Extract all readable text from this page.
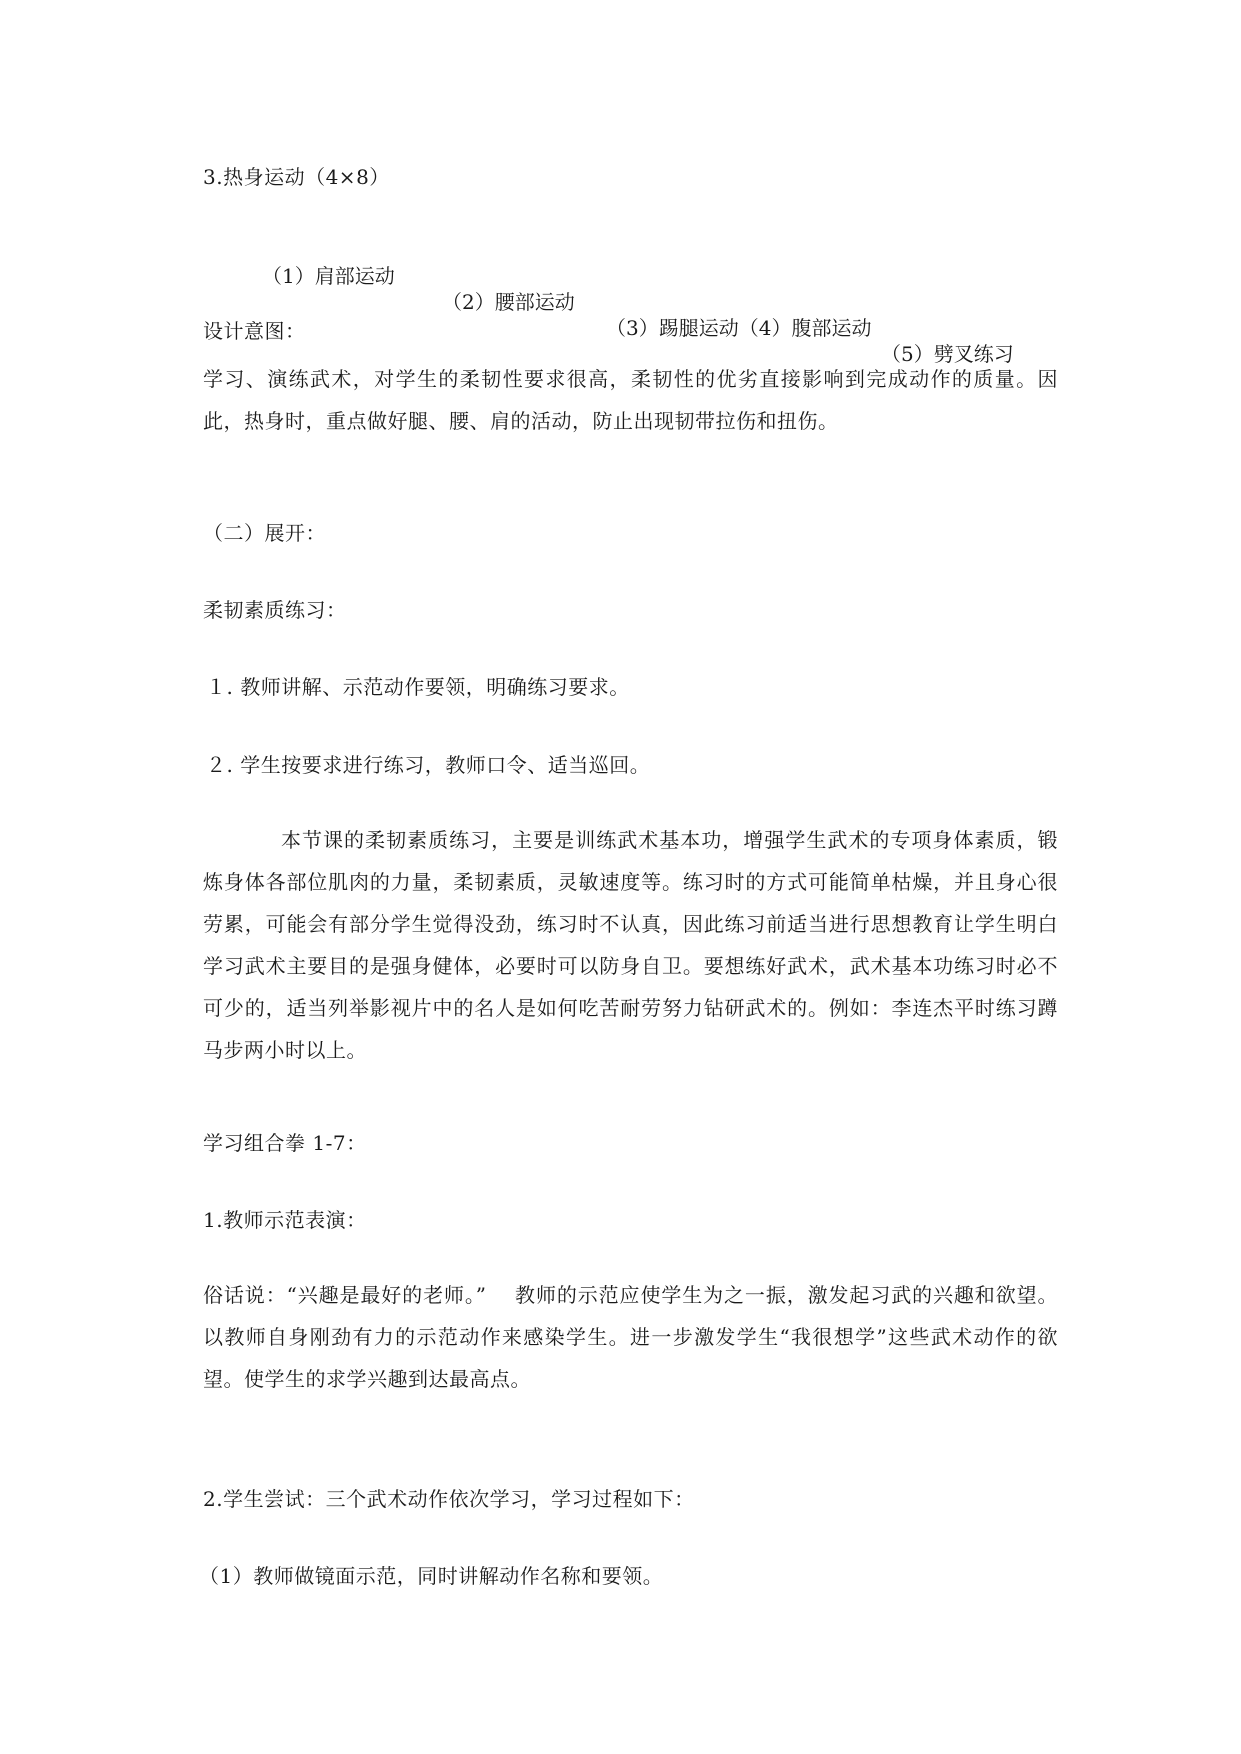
3.热身运动（4×8）

（1）肩部运动

（2）腰部运动

（3）踢腿运动（4）腹部运动

（5）劈叉练习

设计意图：
学习、演练武术，对学生的柔韧性要求很高，柔韧性的优劣直接影响到完成动作的质量。因此，热身时，重点做好腿、腰、肩的活动，防止出现韧带拉伤和扭伤。
（二）展开：
柔韧素质练习：
１. 教师讲解、示范动作要领，明确练习要求。
２. 学生按要求进行练习，教师口令、适当巡回。
本节课的柔韧素质练习，主要是训练武术基本功，增强学生武术的专项身体素质，锻炼身体各部位肌肉的力量，柔韧素质，灵敏速度等。练习时的方式可能简单枯燥，并且身心很劳累，可能会有部分学生觉得没劲，练习时不认真，因此练习前适当进行思想教育让学生明白学习武术主要目的是强身健体，必要时可以防身自卫。要想练好武术，武术基本功练习时必不可少的，适当列举影视片中的名人是如何吃苦耐劳努力钻研武术的。例如：李连杰平时练习蹲马步两小时以上。
学习组合拳 1-7：
1.教师示范表演：
俗话说：“兴趣是最好的老师。”　 教师的示范应使学生为之一振，激发起习武的兴趣和欲望。以教师自身刚劲有力的示范动作来感染学生。进一步激发学生“我很想学”这些武术动作的欲望。使学生的求学兴趣到达最高点。
2.学生尝试：三个武术动作依次学习，学习过程如下：
（1）教师做镜面示范，同时讲解动作名称和要领。
